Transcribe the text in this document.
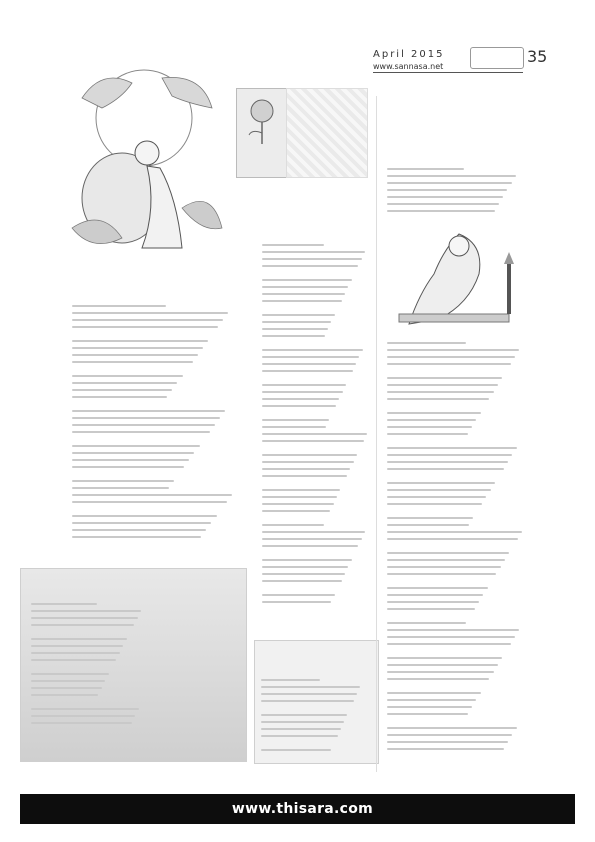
April 2015
www.sannasa.net
35
www.thisara.com
